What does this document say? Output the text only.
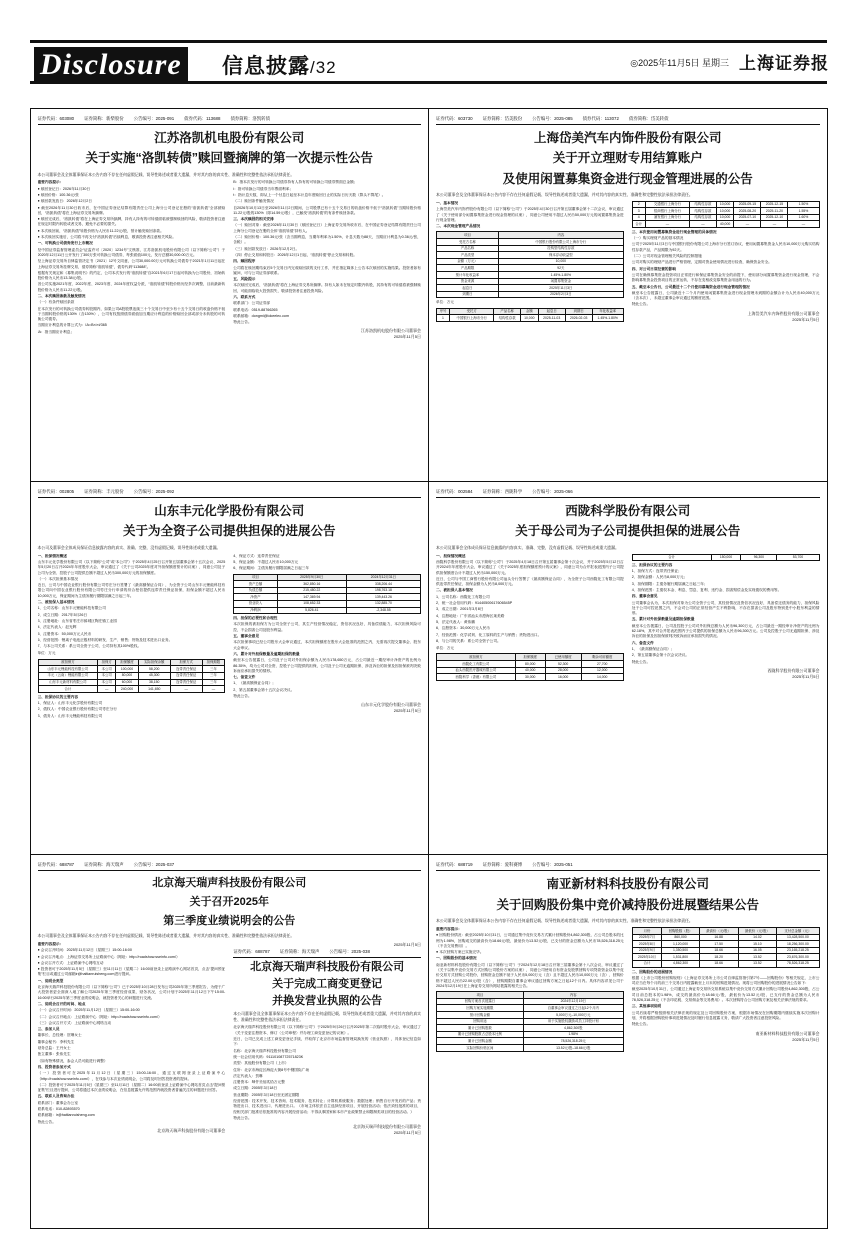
Disclosure 信息披露/32	◎2025年11月5日 星期三 上海证券报
证券代码：603080 证券简称：新柴股份 公告编号：2025-091 债券代码：113688 债券简称：洛凯转债
江苏洛凯机电股份有限公司
关于实施“洛凯转债”赎回暨摘牌的第一次提示性公告
本公司董事会及全体董事保证本公告内容不存在任何虚假记载、误导性陈述或者重大遗漏，并对其内容的真实性、准确性和完整性依法承担法律责任。

重要内容提示：

● 赎回登记日：2026年11月30日

● 赎回价格：100.36元/张

● 赎回款发放日：2026年12月2日

● 截至2026年11月30日收市后，在中国证券登记结算有限责任公司上海分公司登记在册的“洛凯转债”全部被赎回，“洛凯转债”将在上海证券交易所摘牌。

● 赎回完成后，“洛凯转债”将在上海证券交易所摘牌，持有人持有的可转债面临被强制赎回的风险，敬请投资者注意在规定时限内转股或者交易，避免不必要的损失。

● 本次赎回前，“洛凯转债”转股价格为人民币11.22元/股，预计触发赎回条款。

● 本次赎回实施后，公司将不再支付“洛凯转债”后续利息，敬请投资者注意相关风险。

一、可转换公司债券发行上市概况

经中国证券监督管理委员会“证监许可〔2020〕1234号”文核准，江苏洛凯机电股份有限公司（以下简称“公司”）于2020年12月11日公开发行了300万张可转换公司债券，每张面值100元，发行总额30,000.00万元。

经上海证券交易所自律监管决定书〔2021〕12号文同意，公司30,000.00万元可转换公司债券于2021年1月11日起在上海证券交易所挂牌交易，债券简称“洛凯转债”，债券代码“113688”。

根据有关规定和《募集说明书》的约定，公司本次发行的“洛凯转债”自2021年6月17日起可转换为公司股份，初始转股价格为人民币13.38元/股。

因公司实施2021年度、2022年度、2023年度、2024年度权益分派，“洛凯转债”转股价格历经多次调整，目前最新转股价格为人民币11.22元/股。

二、本次赎回条款及触发情况

（一）有条件赎回条款

在本次发行的可转换公司债券转股期内，如果公司A股股票连续三十个交易日中至少有十五个交易日的收盘价格不低于当期转股价格的130%（含130%），公司有权按照债券面值加当期应计利息的价格赎回全部或部分未转股的可转换公司债券。

当期应计利息的计算公式为：IA=B×i×t/365

IA：指当期应计利息；

B：指本次发行的可转换公司债券持有人持有的可转换公司债券票面总金额；

i：指可转换公司债券当年票面利率；

t：指计息天数，即从上一个付息日起至本计息年度赎回日止的实际日历天数（算头不算尾）。

（二）赎回条件触发情况

自2026年10月13日至2026年11月2日期间，公司股票已有十五个交易日的收盘价格不低于“洛凯转债”当期转股价格11.22元/股的130%（即14.59元/股），已触发“洛凯转债”的有条件赎回条款。

三、本次赎回的相关安排

（一）赎回对象：截至2026年11月30日（赎回登记日）上海证券交易所收市后，在中国证券登记结算有限责任公司上海分公司登记在册的全体“洛凯转债”持有人。

（二）赎回价格：100.36元/张（含当期利息，当期年利率为1.50%，计息天数为88天，当期应计利息为0.36元/张，含税）。

（三）赎回款发放日：2026年12月2日。

（四）停止交易和转股日：2026年12月1日起，“洛凯转债”停止交易和转股。

四、赎回程序

公司将在赎回期结束后5个交易日内完成赎回款的支付工作，并在指定媒体上公告本次赎回的实施结果。投资者如有疑问，可与公司证券部联系。

五、风险提示

本次赎回完成后，“洛凯转债”将在上海证券交易所摘牌。持有人如未在规定时限内转股，其持有的可转债将被强制赎回，可能面临较大投资损失，敬请投资者注意投资风险。

六、联系方式

联系部门：公司证券部

联系电话：0519-88766265

联系邮箱：dongmi@lokeelec.com

特此公告。

江苏洛凯机电股份有限公司董事会
2025年11月5日
证券代码：603730 证券简称：岱美股份 公告编号：2025-085 债券代码：113072 债券简称：岱美转债
上海岱美汽车内饰件股份有限公司
关于开立理财专用结算账户
及使用闲置募集资金进行现金管理进展的公告
本公司董事会及全体董事保证本公告内容不存在任何虚假记载、误导性陈述或者重大遗漏，并对其内容的真实性、准确性和完整性依法承担法律责任。

一、基本情况

上海岱美汽车内饰件股份有限公司（以下简称“公司”）于2025年4月30日召开第五届董事会第十二次会议，审议通过了《关于使用部分闲置募集资金进行现金管理的议案》，同意公司使用不超过人民币50,000万元的闲置募集资金进行现金管理。

二、本次现金管理产品情况

项目	内容
受托方名称	中国银行股份有限公司上海市分行
产品名称	挂钩型结构性存款
产品类型	保本浮动收益型
金额（万元）	10,000
产品期限	92天
预计年化收益率	1.45%-1.80%
资金来源	闲置募集资金
起息日	2025年11月3日
到期日	2026年2月3日
单位：万元
序号	受托方	产品名称	金额	起息日	到期日	年化收益率
1	中国银行上海市分行	结构性存款	10,000	2025-11-03	2026-02-03	1.45%-1.80%
2	交通银行上海分行	结构性存款	10,000	2025-09-15	2025-12-15	1.50%
3	招商银行上海分行	结构性存款	10,000	2025-08-20	2025-11-20	1.55%
4	浦发银行上海分行	结构性存款	10,000	2025-07-10	2025-12-10	1.60%
合计	—	—	40,000	—	—	—

三、本次使用闲置募集资金进行现金管理的具体情况

（一）购买理财产品的基本情况

公司于2025年11月3日与中国银行股份有限公司上海市分行签订协议，使用闲置募集资金人民币10,000万元购买结构性存款产品，产品期限为92天。

（二）公司对现金管理相关风险的控制措施

公司对购买的理财产品进行严格管理，定期对资金使用情况进行检查，确保资金安全。

四、对公司日常经营的影响

公司在确保募集资金投资项目正常进行和保证募集资金安全的前提下，使用部分闲置募集资金进行现金管理，不会影响募集资金投资项目的正常运转，不存在变相改变募集资金用途的行为。

五、截至本公告日，公司最近十二个月使用募集资金进行现金管理的情况

截至本公告披露日，公司最近十二个月内使用闲置募集资金进行现金管理未到期的金额合计为人民币40,000万元（含本次），未超过董事会审议通过的额度范围。

特此公告。

上海岱美汽车内饰件股份有限公司董事会
2025年11月5日
证券代码：002805 证券简称：丰元股份 公告编号：2025-092
山东丰元化学股份有限公司
关于为全资子公司提供担保的进展公告
本公司及董事会全体成员保证信息披露内容的真实、准确、完整，没有虚假记载、误导性陈述或重大遗漏。

一、担保情况概述

山东丰元化学股份有限公司（以下简称“公司”或“本公司”）于2025年4月25日召开第五届董事会第十五次会议、2025年5月20日召开2024年年度股东大会，审议通过了《关于公司2025年度对外担保额度预计的议案》，同意公司及子公司为全资、控股子公司提供总额不超过人民币300,000万元的担保额度。

（一）本次担保基本情况

近日，公司与中国农业银行股份有限公司枣庄分行签署了《最高额保证合同》，为全资子公司山东丰元锂能科技有限公司向中国农业银行股份有限公司枣庄分行申请的综合授信提供连带责任保证担保，担保金额不超过人民币10,000万元，保证期间为主债务履行期限届满之日起三年。

二、被担保人基本情况

1、公司名称：山东丰元锂能科技有限公司

2、成立日期：2017年5月26日

3、注册地址：山东省枣庄市薛城区陶庄镇工业园

4、法定代表人：赵光辉

5、注册资本：50,000万元人民币

6、经营范围：锂离子电池正极材料的研发、生产、销售；货物及技术进出口业务。

7、与本公司关系：系公司全资子公司，公司持有其100%股权。

单位：万元
被担保方	担保方	担保额度	实际担保余额	担保方式	担保期限
山东丰元锂能科技有限公司	本公司	100,000	58,200	连带责任保证	三年
丰元（云南）锂能有限公司	本公司	80,000	45,300	连带责任保证	三年
山东丰元新材料有限公司	本公司	60,000	38,150	连带责任保证	三年
合计	—	240,000	141,650	—	—

三、担保协议的主要内容

1、保证人：山东丰元化学股份有限公司

2、债权人：中国农业银行股份有限公司枣庄分行

3、债务人：山东丰元锂能科技有限公司

4、保证方式：连带责任保证

5、保证金额：不超过人民币10,000万元

6、保证期间：主债务履行期限届满之日起三年

项目	2025年9月30日	2024年12月31日
资产总额	362,850.16	338,206.44
负债总额	215,480.22	198,763.18
净资产	147,369.94	139,443.26
营业收入	108,652.33	132,885.70
净利润	5,826.41	-2,348.55

四、担保的必要性和合理性

本次担保的被担保方为公司全资子公司，其生产经营情况稳定，资信状况良好，具备偿债能力，本次担保风险可控，不会损害公司及股东利益。

五、董事会意见

本次担保事项已经公司股东大会审议通过，本次担保额度在股东大会批准的范围之内，无需再次提交董事会、股东大会审议。

六、累计对外担保数量及逾期担保的数量

截至本公告披露日，公司及子公司对外担保余额为人民币178,650万元，占公司最近一期经审计净资产的比例为86.35%，均为公司对全资、控股子公司提供的担保，公司及子公司无逾期担保、涉及诉讼的担保及因担保被判决败诉而应承担损失的情形。

七、备查文件

1、《最高额保证合同》；

2、第五届董事会第十五次会议决议。

特此公告。

山东丰元化学股份有限公司董事会
2025年11月5日
证券代码：002584 证券简称：西陇科学 公告编号：2025-066
西陇科学股份有限公司
关于母公司为子公司提供担保的进展公告
本公司及董事会全体成员保证信息披露的内容真实、准确、完整，没有虚假记载、误导性陈述或重大遗漏。

一、担保情况概述

西陇科学股份有限公司（以下简称“公司”）于2025年4月18日召开第五届董事会第十次会议，并于2025年5月12日召开2024年年度股东大会，审议通过了《关于2025年度担保额度预计的议案》，同意公司为合并报表范围内子公司提供担保额度合计不超过人民币150,000万元。

近日，公司与中国工商银行股份有限公司汕头分行签署了《最高额保证合同》，为全资子公司西陇化工有限公司提供连带责任保证，担保金额为人民币8,000万元。

二、被担保人基本情况

1、公司名称：西陇化工有限公司

2、统一社会信用代码：91440500617606545P

3、成立日期：2001年3月8日

4、注册地址：广东省汕头市澄海区莱美路

5、法定代表人：黄伟鹏

6、注册资本：30,000万元人民币

7、经营范围：化学试剂、化工原料的生产与销售；货物进出口。

8、与公司的关系：系公司全资子公司。

单位：万元
被担保方	担保额度	已使用额度	剩余可用额度
西陇化工有限公司	80,000	52,300	27,700
汕头西陇医疗器械有限公司	40,000	28,000	12,000
西陇科学（香港）有限公司	30,000	16,000	14,000
合计	150,000	96,300	53,700

三、担保协议的主要内容

1、担保方式：连带责任保证；

2、担保金额：人民币8,000万元；

3、担保期限：主债务履行期届满之日起三年；

4、担保范围：主债权本金、利息、罚息、复利、违约金、损害赔偿金及实现债权的费用等。

四、董事会意见

公司董事会认为，本次担保对象为公司全资子公司，其经营情况及资信状况良好，具备偿还债务的能力，担保风险处于公司可控范围之内，不会对公司的正常经营产生不利影响，不存在损害公司及股东特别是中小股东利益的情形。

五、累计对外担保数量及逾期担保数量

截至本公告披露日，公司及控股子公司对外担保总额为人民币96,300万元，占公司最近一期经审计净资产的比例为62.18%，其中对合并报表范围内子公司提供的担保总额为人民币96,300万元。公司及控股子公司无逾期担保、涉及诉讼的担保及因担保被判决败诉而应承担损失的情况。

六、备查文件

1、《最高额保证合同》；

2、第五届董事会第十次会议决议。

特此公告。

西陇科学股份有限公司董事会
2025年11月5日
证券代码：688787 证券简称：海天瑞声 公告编号：2025-037
北京海天瑞声科技股份有限公司
关于召开2025年
第三季度业绩说明会的公告
本公司董事会及全体董事保证本公告内容不存在任何虚假记载、误导性陈述或者重大遗漏，并对其内容的真实性、准确性和完整性依法承担法律责任。

重要内容提示：

● 会议召开时间：2025年11月12日（星期三）15:00-16:00

● 会议召开地点：上海证券交易所上证路演中心（网址：http://roadshow.sseinfo.com/）

● 会议召开方式：上证路演中心网络互动

● 投资者可于2025年11月5日（星期三）至11月11日（星期二）16:00前登录上证路演中心网站首页，点击“提问预征集”栏目或通过公司邮箱ir@haitianruisheng.com进行提问。

一、说明会类型

北京海天瑞声科技股份有限公司（以下简称“公司”）已于2025年10月28日发布公司2025年第三季度报告，为便于广大投资者更全面深入地了解公司2025年第三季度经营成果、财务状况，公司计划于2025年11月12日下午15:00-16:00举行2025年第三季度业绩说明会，就投资者关心的问题进行交流。

二、说明会召开的时间、地点

（一）会议召开时间：2025年11月12日（星期三）15:00-16:00

（二）会议召开地点：上证路演中心（网址：http://roadshow.sseinfo.com/）

（三）会议召开方式：上证路演中心网络互动

三、参加人员

董事长、总经理：贺琳女士

董事会秘书：李科先生

财务总监：王丹女士

独立董事：张伟先生

（如有特殊情况，参会人员可能进行调整）

四、投资者参加方式

（一）投资者可在2025年11月12日（星期三）15:00-16:00，通过互联网登录上证路演中心（http://roadshow.sseinfo.com/），在线参与本次业绩说明会，公司将及时回答投资者的提问。

（二）投资者可于2025年11月5日（星期三）至11月11日（星期二）16:00前登录上证路演中心网站首页点击“提问预征集”栏目进行提问，公司将通过本次业绩说明会，在信息披露允许的范围内就投资者普遍关注的问题进行回答。

五、联系人及咨询办法

联系部门：董事会办公室

联系电话：010-82893570

联系邮箱：ir@haitianruisheng.com

特此公告。

北京海天瑞声科技股份有限公司董事会
2025年11月5日
证券代码：688787 证券简称：海天瑞声 公告编号：2025-038
北京海天瑞声科技股份有限公司
关于完成工商变更登记
并换发营业执照的公告
本公司董事会及全体董事保证本公告内容不存在任何虚假记载、误导性陈述或者重大遗漏，并对其内容的真实性、准确性和完整性依法承担法律责任。

北京海天瑞声科技股份有限公司（以下简称“公司”）于2025年9月26日召开2025年第二次临时股东大会，审议通过了《关于变更注册资本、修订〈公司章程〉并办理工商变更登记的议案》。

近日，公司已完成上述工商变更登记手续，并取得了北京市市场监督管理局换发的《营业执照》，具体登记信息如下：

名称：北京海天瑞声科技股份有限公司

统一社会信用代码：91110108772571823K

类型：其他股份有限公司（上市）

住所：北京市海淀区海淀大街8号中钢国际广场

法定代表人：贺琳

注册资本：肆仟叁佰贰拾万元整

成立日期：2005年3月18日

营业期限：2005年3月18日至无固定期限

经营范围：技术开发、技术咨询、技术服务、技术转让；计算机系统服务；数据处理；销售自行开发后的产品；货物进出口、技术进出口、代理进出口。（市场主体依法自主选择经营项目，开展经营活动；依法须经批准的项目，经相关部门批准后依批准的内容开展经营活动；不得从事国家和本市产业政策禁止和限制类项目的经营活动。）

特此公告。

北京海天瑞声科技股份有限公司董事会
2025年11月5日
证券代码：688719 证券简称：爱科赛博 公告编号：2025-051
南亚新材料科技股份有限公司
关于回购股份集中竞价减持股份进展暨结果公告
本公司董事会及全体董事保证本公告内容不存在任何虚假记载、误导性陈述或者重大遗漏，并对其内容的真实性、准确性和完整性依法承担法律责任。

重要内容提示：

● 回购股份情况：截至2025年10月31日，公司通过集中竞价交易方式累计回购股份4,862,300股，占公司总股本的比例为1.98%，回购成交的最高价为18.66元/股，最低价为13.52元/股，已支付的资金总额为人民币78,526,318.25元（不含交易费用）。

● 本次回购方案已实施完毕。

一、回购股份的基本情况

南亚新材料科技股份有限公司（以下简称“公司”）于2024年12月18日召开第三届董事会第十八次会议，审议通过了《关于以集中竞价交易方式回购公司股份方案的议案》，同意公司使用自有资金及股票回购专项贷款资金以集中竞价交易方式回购公司股份，回购资金总额不低于人民币5,000万元（含）且不超过人民币10,000万元（含），回购价格不超过人民币22.00元/股（含），回购期限自董事会审议通过回购方案之日起12个月内。具体内容详见公司于2024年12月19日在上海证券交易所网站披露的相关公告。

项目	内容
回购方案首次披露日	2024年12月19日
回购方案实施期限	自董事会审议通过之日起12个月内
预计回购金额	5,000万元–10,000万元
回购用途	用于实施股权激励或员工持股计划
累计已回购股数	4,862,300股
累计已回购股数占总股本比例	1.98%
累计已回购金额	78,526,318.25元
实际回购价格区间	13.52元/股–18.66元/股
月份	回购股数（股）	最高价（元/股）	最低价（元/股）	支付总金额（元）
2025年7月	860,000	16.88	14.02	13,428,500.00
2025年8月	1,120,000	17.50	15.10	18,256,300.00
2025年9月	1,350,500	18.66	16.05	23,165,218.25
2025年10月	1,531,800	18.20	13.52	23,676,300.00
合计	4,862,300	18.66	13.52	78,526,318.25

二、回购股份的进展情况

根据《上市公司股份回购规则》《上海证券交易所上市公司自律监管指引第7号——回购股份》等相关规定，上市公司应当在每个月的前三个交易日内披露截至上月末的回购进展情况。现将公司回购股份的进展情况公告如下：

截至2025年10月31日，公司通过上海证券交易所交易系统以集中竞价交易方式累计回购公司股份4,862,300股，占公司目前总股本的1.98%，成交的最高价为18.66元/股，最低价为13.52元/股，已支付的资金总额为人民币78,526,318.25元（不含印花税、交易佣金等交易费用）。本次回购符合公司回购方案及相关法律法规的要求。

三、其他事项说明

公司后续将严格按照相关法律法规的规定及公司回购股份方案，根据市场情况在回购期限内继续实施本次回购计划，并将根据回购股份事项进展情况及时履行信息披露义务，敬请广大投资者注意投资风险。

特此公告。

南亚新材料科技股份有限公司董事会
2025年11月5日
